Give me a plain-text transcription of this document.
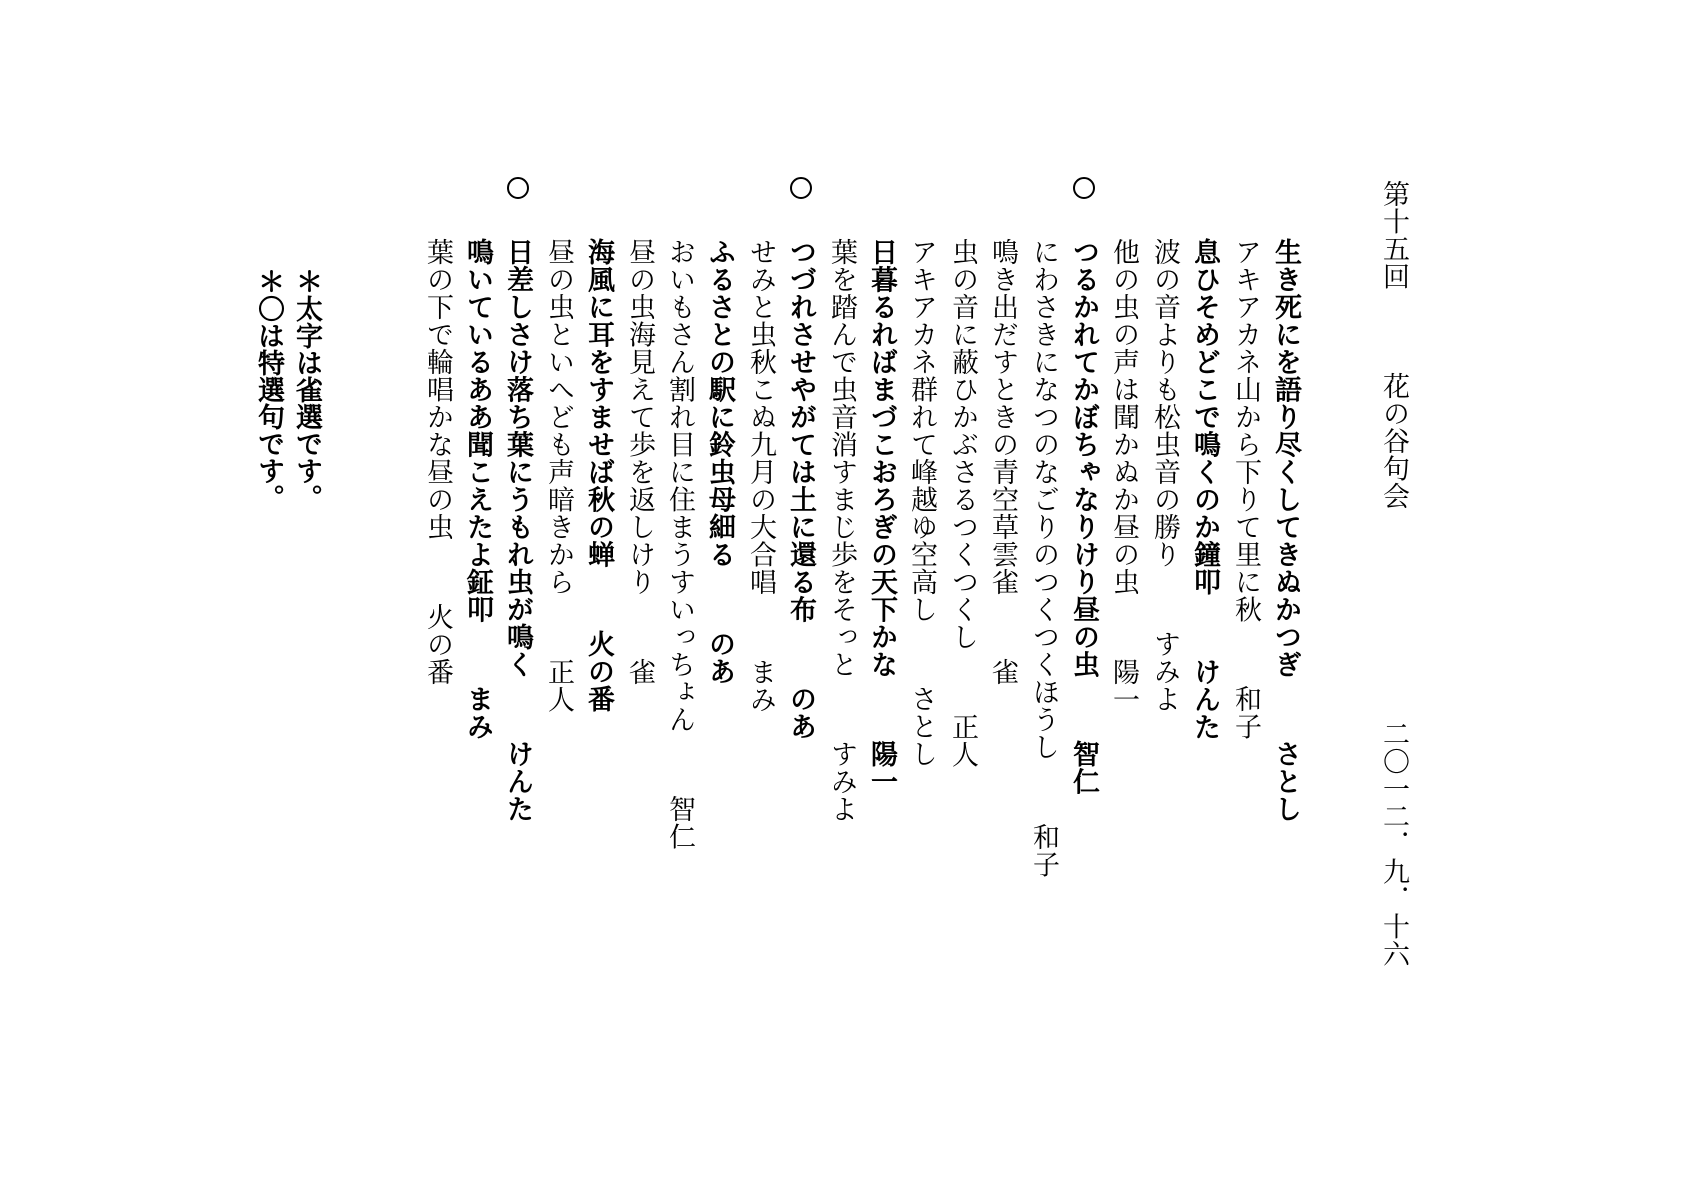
第十五回
花の谷句会
二〇一二．九．十六
生き死にを語り尽くしてきぬかつぎさとし
アキアカネ山から下りて里に秋和子
息ひそめどこで鳴くのか鐘叩けんた
波の音よりも松虫音の勝りすみよ
他の虫の声は聞かぬか昼の虫陽一
つるかれてかぼちゃなりけり昼の虫智仁
にわさきになつのなごりのつくつくほうし和子
鳴き出だすときの青空草雲雀雀
虫の音に蔽ひかぶさるつくつくし正人
アキアカネ群れて峰越ゆ空高しさとし
日暮るればまづこおろぎの天下かな陽一
葉を踏んで虫音消すまじ歩をそっとすみよ
つづれさせやがては土に還る布のあ
せみと虫秋こぬ九月の大合唱まみ
ふるさとの駅に鈴虫母細るのあ
おいもさん割れ目に住まうすいっちょん智仁
昼の虫海見えて歩を返しけり雀
海風に耳をすませば秋の蝉火の番
昼の虫といへども声暗きから正人
日差しさけ落ち葉にうもれ虫が鳴くけんた
鳴いているああ聞こえたよ鉦叩まみ
葉の下で輪唱かな昼の虫火の番
＊太字は雀選です。
＊〇は特選句です。
